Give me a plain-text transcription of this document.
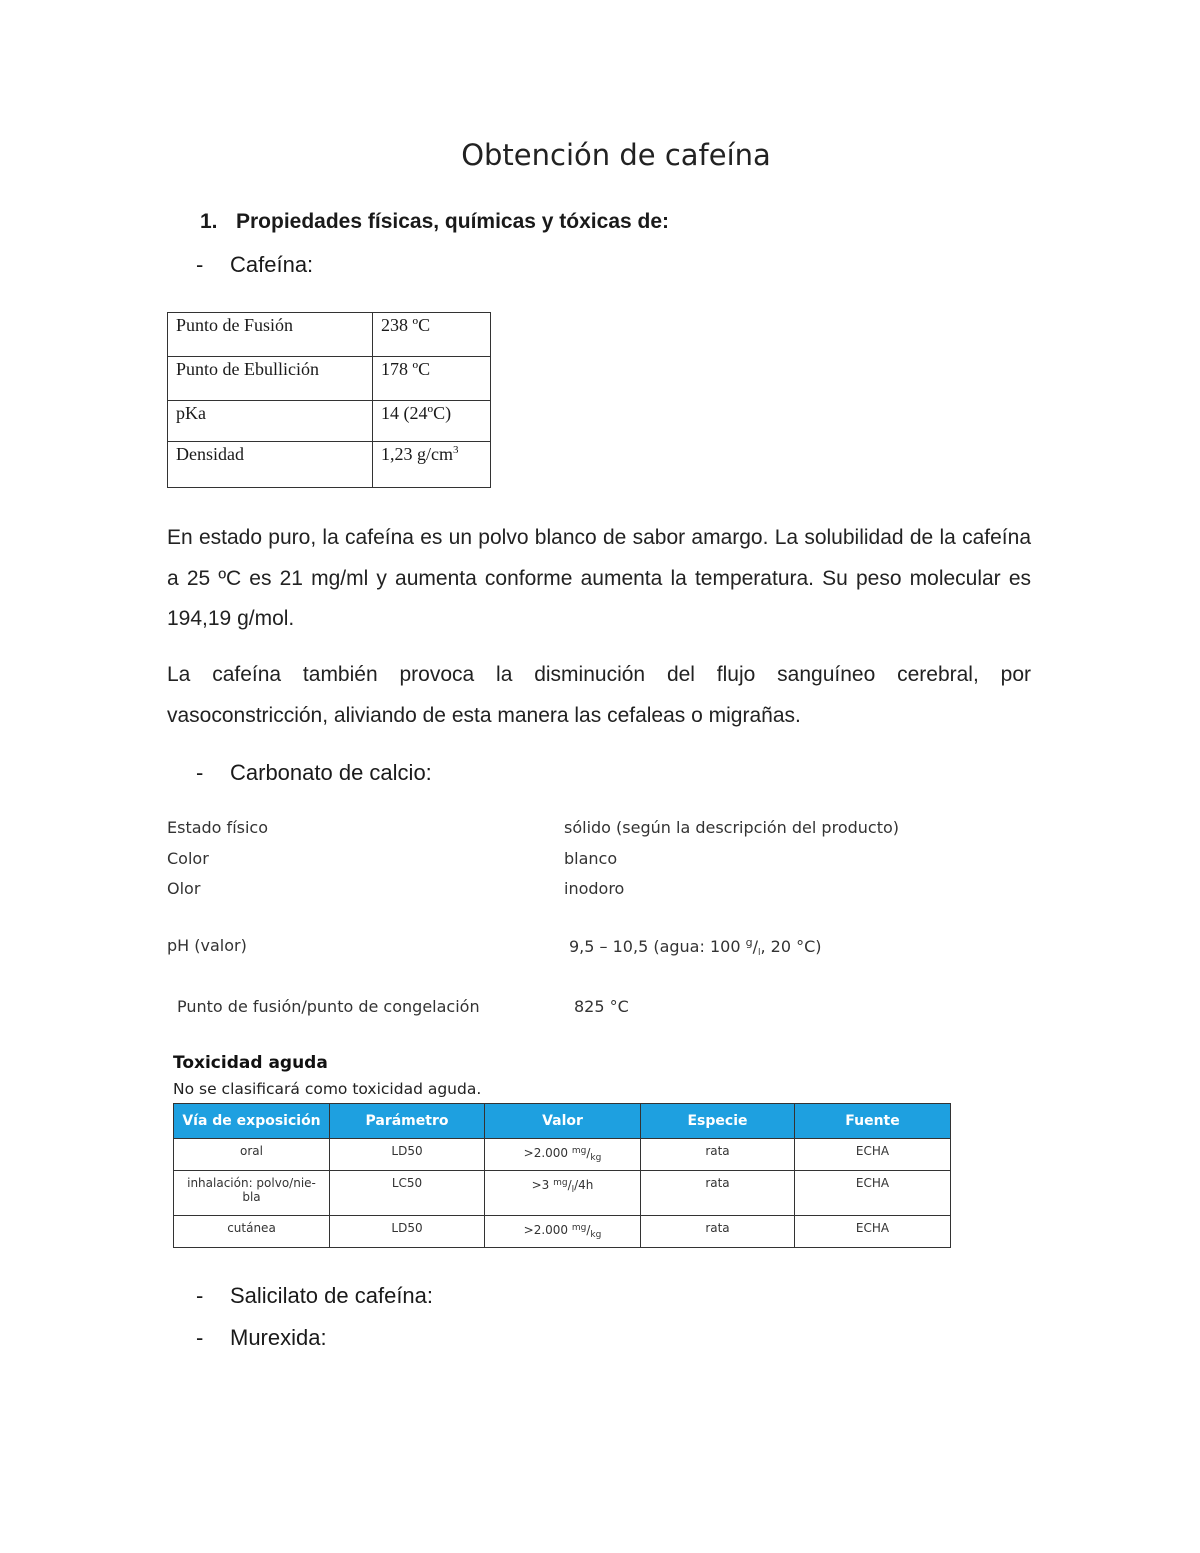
Obtención de cafeína
1. Propiedades físicas, químicas y tóxicas de:
- Cafeína:
Punto de Fusión	238 ºC
Punto de Ebullición	178 ºC
pKa	14 (24ºC)
Densidad	1,23 $g/cm^3$
En estado puro, la cafeína es un polvo blanco de sabor amargo. La solubilidad de la cafeína a 25 ºC es 21 mg/ml y aumenta conforme aumenta la temperatura. Su peso molecular es 194,19 g/mol.
La cafeína también provoca la disminución del flujo sanguíneo cerebral, por vasoconstricción, aliviando de esta manera las cefaleas o migrañas.
- Carbonato de calcio:
Estado físico	sólido (según la descripción del producto)
Color	blanco
Olor	inodoro
pH (valor)	9,5 – 10,5 (agua: 100 $^g/_l$, 20 °C)
Punto de fusión/punto de congelación	825 °C
Toxicidad aguda
No se clasificará como toxicidad aguda.
Vía de exposición	Parámetro	Valor	Especie	Fuente
oral	LD50	>2.000 $^{mg}/_{kg}$	rata	ECHA
inhalación: polvo/nie-bla	LC50	>3 $^{mg}/_l/4h$	rata	ECHA
cutánea	LD50	>2.000 $^{mg}/_{kg}$	rata	ECHA
- Salicilato de cafeína:
- Murexida:
